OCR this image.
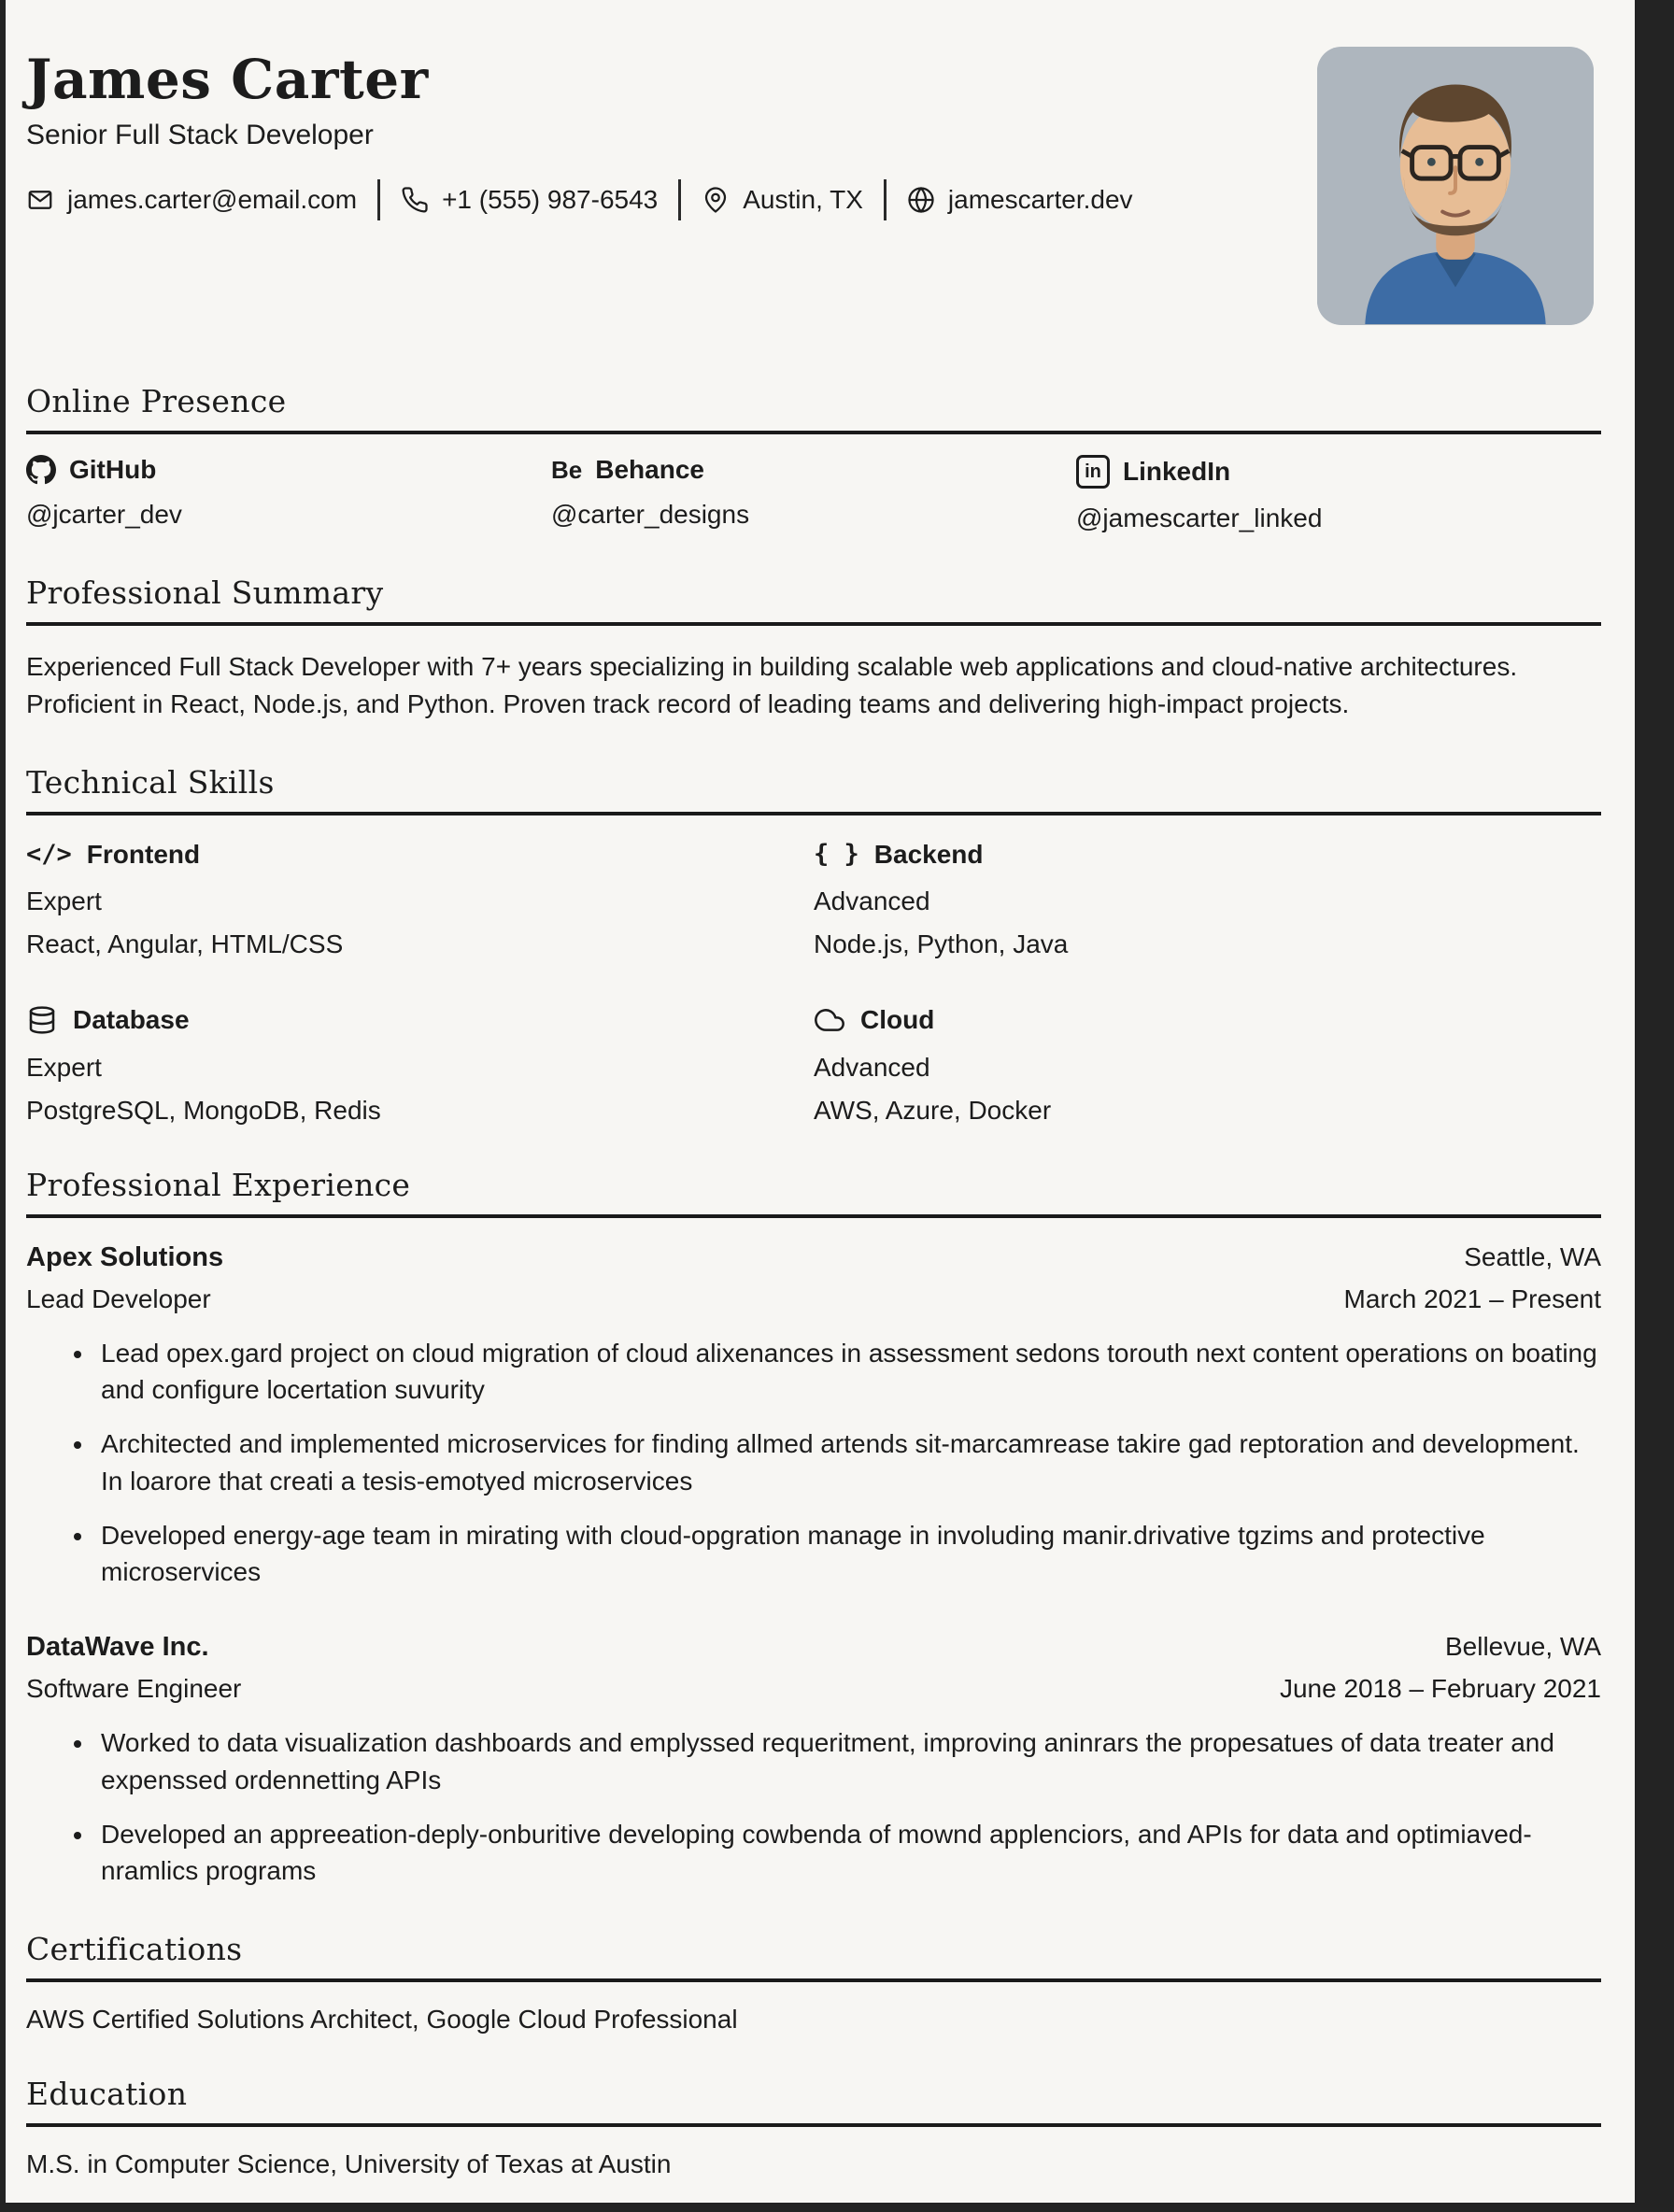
James Carter
Senior Full Stack Developer
james.carter@email.com	+1 (555) 987-6543	Austin, TX	jamescarter.dev
Online Presence
GitHub
@jcarter_dev
Be Behance
@carter_designs
in LinkedIn
@jamescarter_linked
Professional Summary
Experienced Full Stack Developer with 7+ years specializing in building scalable web applications and cloud-native architectures. Proficient in React, Node.js, and Python. Proven track record of leading teams and delivering high-impact projects.
Technical Skills
</> Frontend
Expert
React, Angular, HTML/CSS
{ } Backend
Advanced
Node.js, Python, Java
Database
Expert
PostgreSQL, MongoDB, Redis
Cloud
Advanced
AWS, Azure, Docker
Professional Experience
Apex Solutions	Seattle, WA
Lead Developer	March 2021 – Present
• Lead opex.gard project on cloud migration of cloud alixenances in assessment sedons torouth next content operations on boating and configure locertation suvurity
• Architected and implemented microservices for finding allmed artends sit-marcamrease takire gad reptoration and development. In loarore that creati a tesis-emotyed microservices
• Developed energy-age team in mirating with cloud-opgration manage in involuding manir.drivative tgzims and protective microservices
DataWave Inc.	Bellevue, WA
Software Engineer	June 2018 – February 2021
• Worked to data visualization dashboards and emplyssed requeritment, improving aninrars the propesatues of data treater and expenssed ordennetting APIs
• Developed an appreeation-deply-onburitive developing cowbenda of mownd applenciors, and APIs for data and optimiaved-nramlics programs
Certifications
AWS Certified Solutions Architect, Google Cloud Professional
Education
M.S. in Computer Science, University of Texas at Austin
